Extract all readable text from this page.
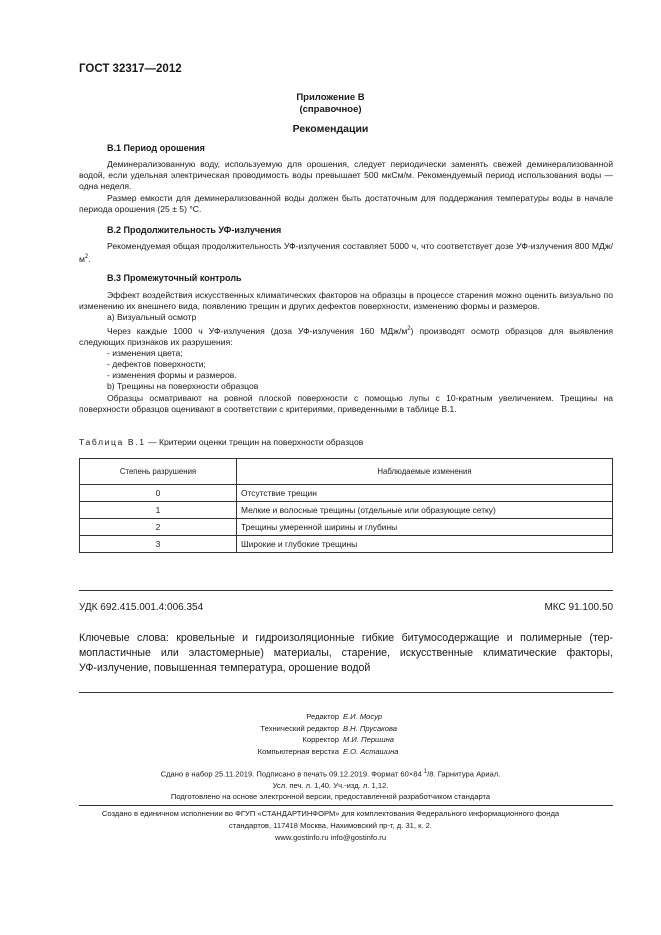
ГОСТ 32317—2012
Приложение В
(справочное)
Рекомендации
В.1 Период орошения

Деминерализованную воду, используемую для орошения, следует периодически заменять свежей деминерализованной водой, если удельная электрическая проводимость воды превышает 500 мкСм/м. Рекомендуемый период использования воды — одна неделя.

Размер емкости для деминерализованной воды должен быть достаточным для поддержания температуры воды в начале периода орошения (25 ± 5) °С.

В.2 Продолжительность УФ-излучения

Рекомендуемая общая продолжительность УФ-излучения составляет 5000 ч, что соответствует дозе УФ-излучения 800 МДж/$м^2$.

В.3 Промежуточный контроль

Эффект воздействия искусственных климатических факторов на образцы в процессе старения можно оценить визуально по изменению их внешнего вида, появлению трещин и других дефектов поверхности, изменению формы и размеров.

а) Визуальный осмотр

Через каждые 1000 ч УФ-излучения (доза УФ-излучения 160 МДж/$м^2$) производят осмотр образцов для выявления следующих признаков их разрушения:

- изменения цвета;

- дефектов поверхности;

- изменения формы и размеров.

b) Трещины на поверхности образцов

Образцы осматривают на ровной плоской поверхности с помощью лупы с 10-кратным увеличением. Трещины на поверхности образцов оценивают в соответствии с критериями, приведенными в таблице В.1.

Таблица В.1 — Критерии оценки трещин на поверхности образцов
Степень разрушения	Наблюдаемые изменения
0	Отсутствие трещин
1	Мелкие и волосные трещины (отдельные или образующие сетку)
2	Трещины умеренной ширины и глубины
3	Широкие и глубокие трещины
УДК 692.415.001.4:006.354	МКС 91.100.50
Ключевые слова: кровельные и гидроизоляционные гибкие битумосодержащие и полимерные (тер-
мопластичные или эластомерные) материалы, старение, искусственные климатические факторы,
УФ-излучение, повышенная температура, орошение водой
Редактор Е.И. Мосур
Технический редактор В.Н. Прусакова
Корректор М.И. Першина
Компьютерная верстка Е.О. Асташина
Сдано в набор 25.11.2019. Подписано в печать 09.12.2019. Формат 60×84 $^1$/8. Гарнитура Ариал.
Усл. печ. л. 1,40. Уч.-изд. л. 1,12.
Подготовлено на основе электронной версии, предоставленной разработчиком стандарта
Создано в единичном исполнении во ФГУП «СТАНДАРТИНФОРМ» для комплектования Федерального информационного фонда
стандартов, 117418 Москва, Нахимовский пр-т, д. 31, к. 2.
www.gostinfo.ru info@gostinfo.ru
